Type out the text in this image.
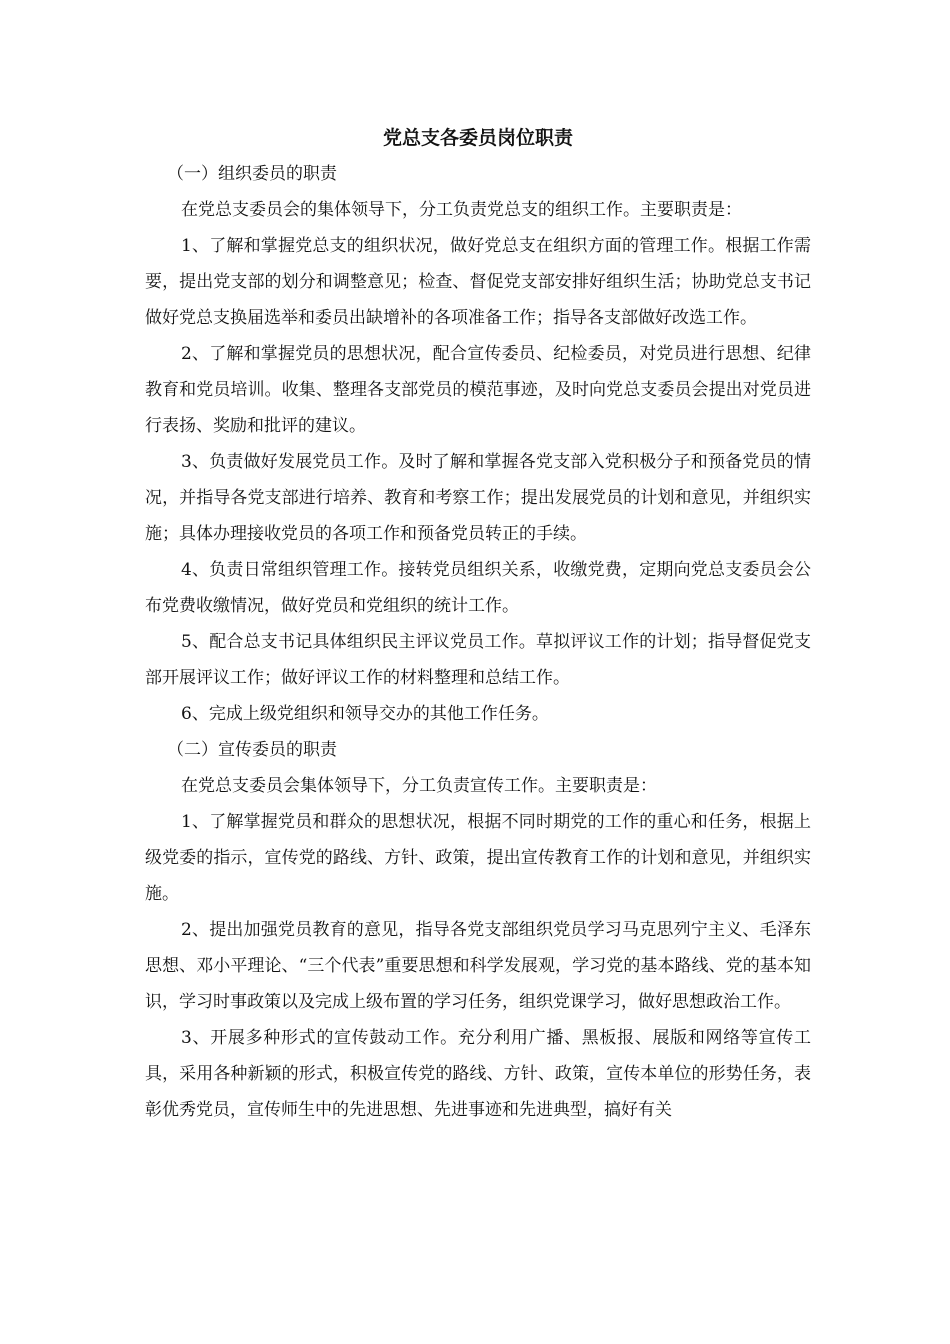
党总支各委员岗位职责

（一）组织委员的职责

在党总支委员会的集体领导下，分工负责党总支的组织工作。主要职责是：

1、了解和掌握党总支的组织状况，做好党总支在组织方面的管理工作。根据工作需要，提出党支部的划分和调整意见；检查、督促党支部安排好组织生活；协助党总支书记做好党总支换届选举和委员出缺增补的各项准备工作；指导各支部做好改选工作。

2、了解和掌握党员的思想状况，配合宣传委员、纪检委员，对党员进行思想、纪律教育和党员培训。收集、整理各支部党员的模范事迹，及时向党总支委员会提出对党员进行表扬、奖励和批评的建议。

3、负责做好发展党员工作。及时了解和掌握各党支部入党积极分子和预备党员的情况，并指导各党支部进行培养、教育和考察工作；提出发展党员的计划和意见，并组织实施；具体办理接收党员的各项工作和预备党员转正的手续。

4、负责日常组织管理工作。接转党员组织关系，收缴党费，定期向党总支委员会公布党费收缴情况，做好党员和党组织的统计工作。

5、配合总支书记具体组织民主评议党员工作。草拟评议工作的计划；指导督促党支部开展评议工作；做好评议工作的材料整理和总结工作。

6、完成上级党组织和领导交办的其他工作任务。

（二）宣传委员的职责

在党总支委员会集体领导下，分工负责宣传工作。主要职责是：

1、了解掌握党员和群众的思想状况，根据不同时期党的工作的重心和任务，根据上级党委的指示，宣传党的路线、方针、政策，提出宣传教育工作的计划和意见，并组织实施。

2、提出加强党员教育的意见，指导各党支部组织党员学习马克思列宁主义、毛泽东思想、邓小平理论、“三个代表”重要思想和科学发展观，学习党的基本路线、党的基本知识，学习时事政策以及完成上级布置的学习任务，组织党课学习，做好思想政治工作。

3、开展多种形式的宣传鼓动工作。充分利用广播、黑板报、展版和网络等宣传工具，采用各种新颖的形式，积极宣传党的路线、方针、政策，宣传本单位的形势任务，表彰优秀党员，宣传师生中的先进思想、先进事迹和先进典型，搞好有关
